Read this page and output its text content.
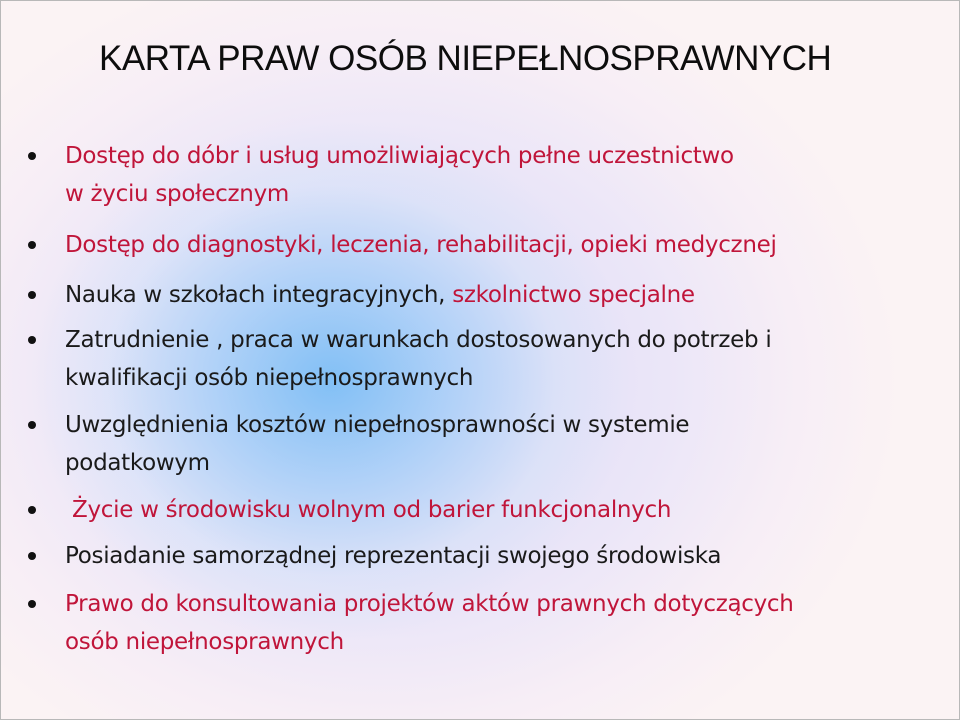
KARTA PRAW OSÓB NIEPEŁNOSPRAWNYCH
Dostęp do dóbr i usług umożliwiających pełne uczestnictwo
w życiu społecznym
Dostęp do diagnostyki, leczenia, rehabilitacji, opieki medycznej
Nauka w szkołach integracyjnych, szkolnictwo specjalne
Zatrudnienie , praca w warunkach dostosowanych do potrzeb i
kwalifikacji osób niepełnosprawnych
Uwzględnienia kosztów niepełnosprawności w systemie
podatkowym
Życie w środowisku wolnym od barier funkcjonalnych
Posiadanie samorządnej reprezentacji swojego środowiska
Prawo do konsultowania projektów aktów prawnych dotyczących
osób niepełnosprawnych
